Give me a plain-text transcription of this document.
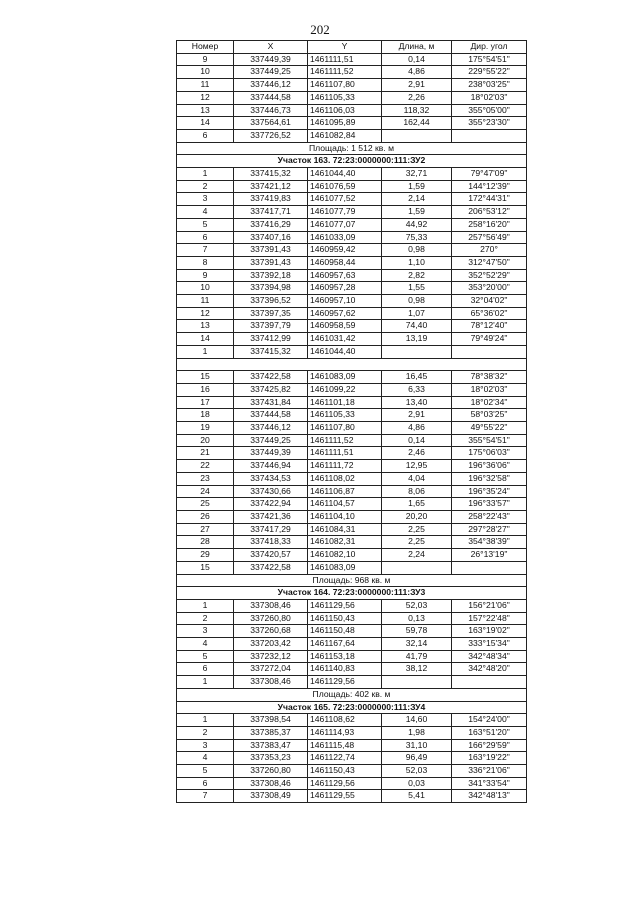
202
Номер	X	Y	Длина, м	Дир. угол
9	337449,39	1461111,51	0,14	175°54'51"
10	337449,25	1461111,52	4,86	229°55'22"
11	337446,12	1461107,80	2,91	238°03'25"
12	337444,58	1461105,33	2,26	18°02'03"
13	337446,73	1461106,03	118,32	355°05'00"
14	337564,61	1461095,89	162,44	355°23'30"
6	337726,52	1461082,84		
Площадь: 1 512 кв. м				
Участок 163. 72:23:0000000:111:ЗУ2				
1	337415,32	1461044,40	32,71	79°47'09"
2	337421,12	1461076,59	1,59	144°12'39"
3	337419,83	1461077,52	2,14	172°44'31"
4	337417,71	1461077,79	1,59	206°53'12"
5	337416,29	1461077,07	44,92	258°16'20"
6	337407,16	1461033,09	75,33	257°56'49"
7	337391,43	1460959,42	0,98	270°
8	337391,43	1460958,44	1,10	312°47'50"
9	337392,18	1460957,63	2,82	352°52'29"
10	337394,98	1460957,28	1,55	353°20'00"
11	337396,52	1460957,10	0,98	32°04'02"
12	337397,35	1460957,62	1,07	65°36'02"
13	337397,79	1460958,59	74,40	78°12'40"
14	337412,99	1461031,42	13,19	79°49'24"
1	337415,32	1461044,40		

15	337422,58	1461083,09	16,45	78°38'32"
16	337425,82	1461099,22	6,33	18°02'03"
17	337431,84	1461101,18	13,40	18°02'34"
18	337444,58	1461105,33	2,91	58°03'25"
19	337446,12	1461107,80	4,86	49°55'22"
20	337449,25	1461111,52	0,14	355°54'51"
21	337449,39	1461111,51	2,46	175°06'03"
22	337446,94	1461111,72	12,95	196°36'06"
23	337434,53	1461108,02	4,04	196°32'58"
24	337430,66	1461106,87	8,06	196°35'24"
25	337422,94	1461104,57	1,65	196°33'57"
26	337421,36	1461104,10	20,20	258°22'43"
27	337417,29	1461084,31	2,25	297°28'27"
28	337418,33	1461082,31	2,25	354°38'39"
29	337420,57	1461082,10	2,24	26°13'19"
15	337422,58	1461083,09		
Площадь: 968 кв. м				
Участок 164. 72:23:0000000:111:ЗУ3				
1	337308,46	1461129,56	52,03	156°21'06"
2	337260,80	1461150,43	0,13	157°22'48"
3	337260,68	1461150,48	59,78	163°19'02"
4	337203,42	1461167,64	32,14	333°15'34"
5	337232,12	1461153,18	41,79	342°48'34"
6	337272,04	1461140,83	38,12	342°48'20"
1	337308,46	1461129,56		
Площадь: 402 кв. м				
Участок 165. 72:23:0000000:111:ЗУ4				
1	337398,54	1461108,62	14,60	154°24'00"
2	337385,37	1461114,93	1,98	163°51'20"
3	337383,47	1461115,48	31,10	166°29'59"
4	337353,23	1461122,74	96,49	163°19'22"
5	337260,80	1461150,43	52,03	336°21'06"
6	337308,46	1461129,56	0,03	341°33'54"
7	337308,49	1461129,55	5,41	342°48'13"
